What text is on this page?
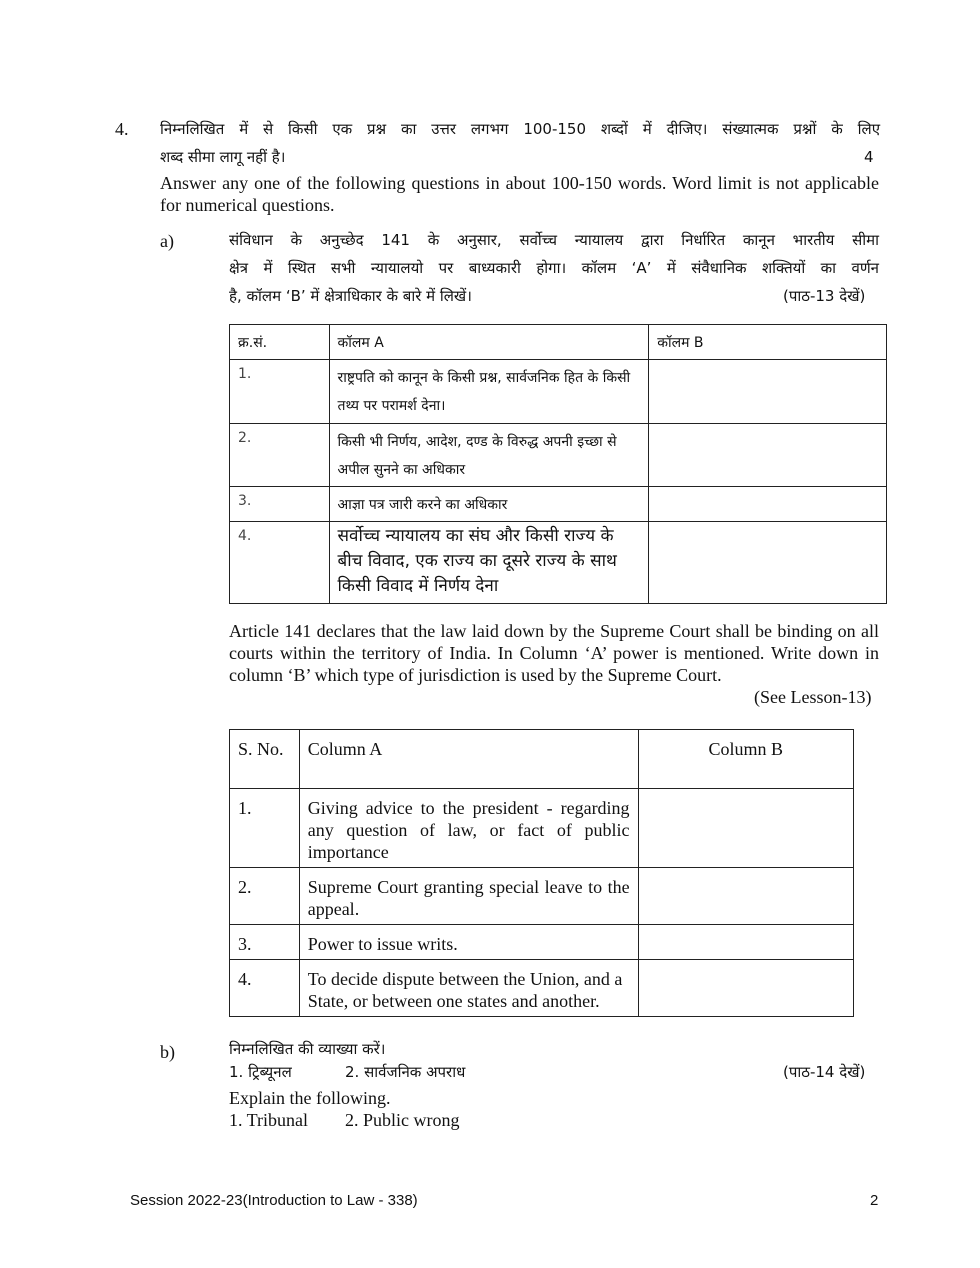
4. निम्नलिखित में से किसी एक प्रश्न का उत्तर लगभग 100-150 शब्दों में दीजिए। संख्यात्मक प्रश्नों के लिए
शब्द सीमा लागू नहीं है।	4
Answer any one of the following questions in about 100-150 words. Word limit is not applicable for numerical questions.
a)	संविधान के अनुच्छेद 141 के अनुसार, सर्वोच्च न्यायालय द्वारा निर्धारित कानून भारतीय सीमा
क्षेत्र में स्थित सभी न्यायालयो पर बाध्यकारी होगा। कॉलम ‘A’ में संवैधानिक शक्तियों का वर्णन
है, कॉलम ‘B’ में क्षेत्राधिकार के बारे में लिखें।	(पाठ-13 देखें)
क्र.सं.	कॉलम A	कॉलम B
1.	राष्ट्रपति को कानून के किसी प्रश्न, सार्वजनिक हित के किसी तथ्य पर परामर्श देना।	
2.	किसी भी निर्णय, आदेश, दण्ड के विरुद्ध अपनी इच्छा से अपील सुनने का अधिकार	
3.	आज्ञा पत्र जारी करने का अधिकार	
4.	सर्वोच्च न्यायालय का संघ और किसी राज्य के बीच विवाद, एक राज्य का दूसरे राज्य के साथ किसी विवाद में निर्णय देना	
Article 141 declares that the law laid down by the Supreme Court shall be binding on all courts within the territory of India. In Column ‘A’ power is mentioned. Write down in column ‘B’ which type of jurisdiction is used by the Supreme Court.
(See Lesson-13)
S. No.	Column A	Column B
1.	Giving advice to the president - regarding any question of law, or fact of public importance	
2.	Supreme Court granting special leave to the appeal.	
3.	Power to issue writs.	
4.	To decide dispute between the Union, and a State, or between one states and another.	
b)	निम्नलिखित की व्याख्या करें।
1. ट्रिब्यूनल	2. सार्वजनिक अपराध	(पाठ-14 देखें)
Explain the following.
1. Tribunal 2. Public wrong
Session 2022-23(Introduction to Law - 338)	2
